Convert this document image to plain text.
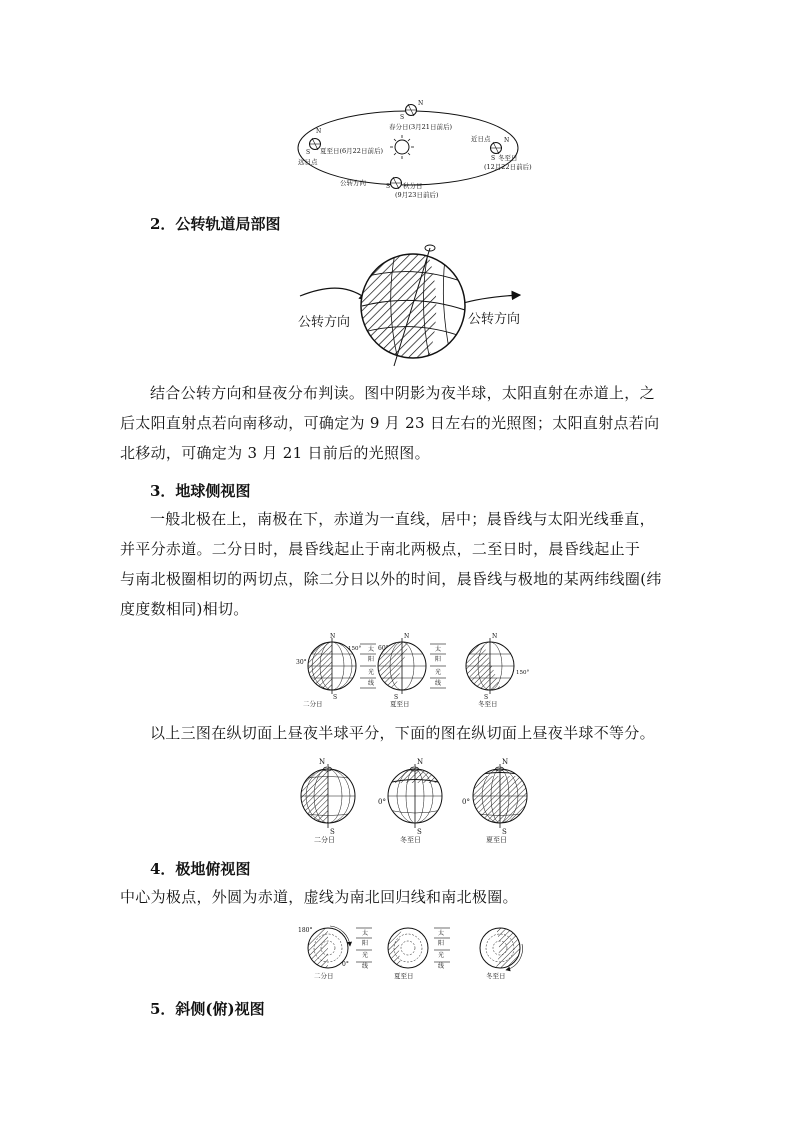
N
S
春分日(3月21日前后)
N
S 夏至日(6月22日前后)
远日点
近日点 N
S 冬至日
(12月22日前后)
公转方向	S 秋分日
(9月23日前后)
2．公转轨道局部图
公转方向	公转方向
结合公转方向和昼夜分布判读。图中阴影为夜半球，太阳直射在赤道上，之
后太阳直射点若向南移动，可确定为 9 月 23 日左右的光照图；太阳直射点若向
北移动，可确定为 3 月 21 日前后的光照图。
3．地球侧视图
一般北极在上，南极在下，赤道为一直线，居中；晨昏线与太阳光线垂直，
并平分赤道。二分日时，晨昏线起止于南北两极点，二至日时，晨昏线起止于
与南北极圈相切的两切点，除二分日以外的时间，晨昏线与极地的某两纬线圈(纬
度度数相同)相切。
N
S
30°
二分日
150° 太
阳
光
线
N
S
60°
夏至日
太
阳
光
线
N
S
150°
冬至日
以上三图在纵切面上昼夜半球平分，下面的图在纵切面上昼夜半球不等分。
N
S
二分日
N
S
0°
冬至日
N
S
0°
夏至日
4．极地俯视图
中心为极点，外圆为赤道，虚线为南北回归线和南北极圈。
180°
0°
二分日
太
阳
光
线
夏至日
太
阳
光
线
冬至日
5．斜侧(俯)视图
